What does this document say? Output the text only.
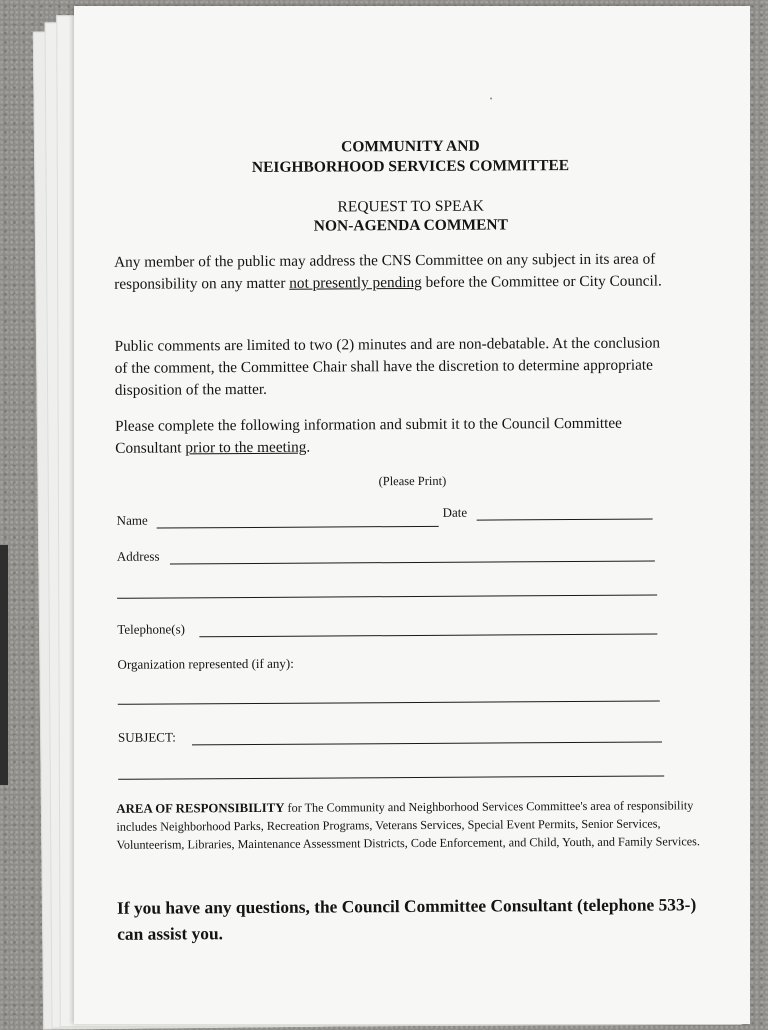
COMMUNITY AND
NEIGHBORHOOD SERVICES COMMITTEE
REQUEST TO SPEAK
NON-AGENDA COMMENT
Any member of the public may address the CNS Committee on any subject in its area of responsibility on any matter not presently pending before the Committee or City Council.
Public comments are limited to two (2) minutes and are non-debatable. At the conclusion of the comment, the Committee Chair shall have the discretion to determine appropriate disposition of the matter.
Please complete the following information and submit it to the Council Committee Consultant prior to the meeting.
(Please Print)
Name
Date
Address
Telephone(s)
Organization represented (if any):
SUBJECT:
AREA OF RESPONSIBILITY for The Community and Neighborhood Services Committee's area of responsibility includes Neighborhood Parks, Recreation Programs, Veterans Services, Special Event Permits, Senior Services, Volunteerism, Libraries, Maintenance Assessment Districts, Code Enforcement, and Child, Youth, and Family Services.
If you have any questions, the Council Committee Consultant (telephone 533-) can assist you.
